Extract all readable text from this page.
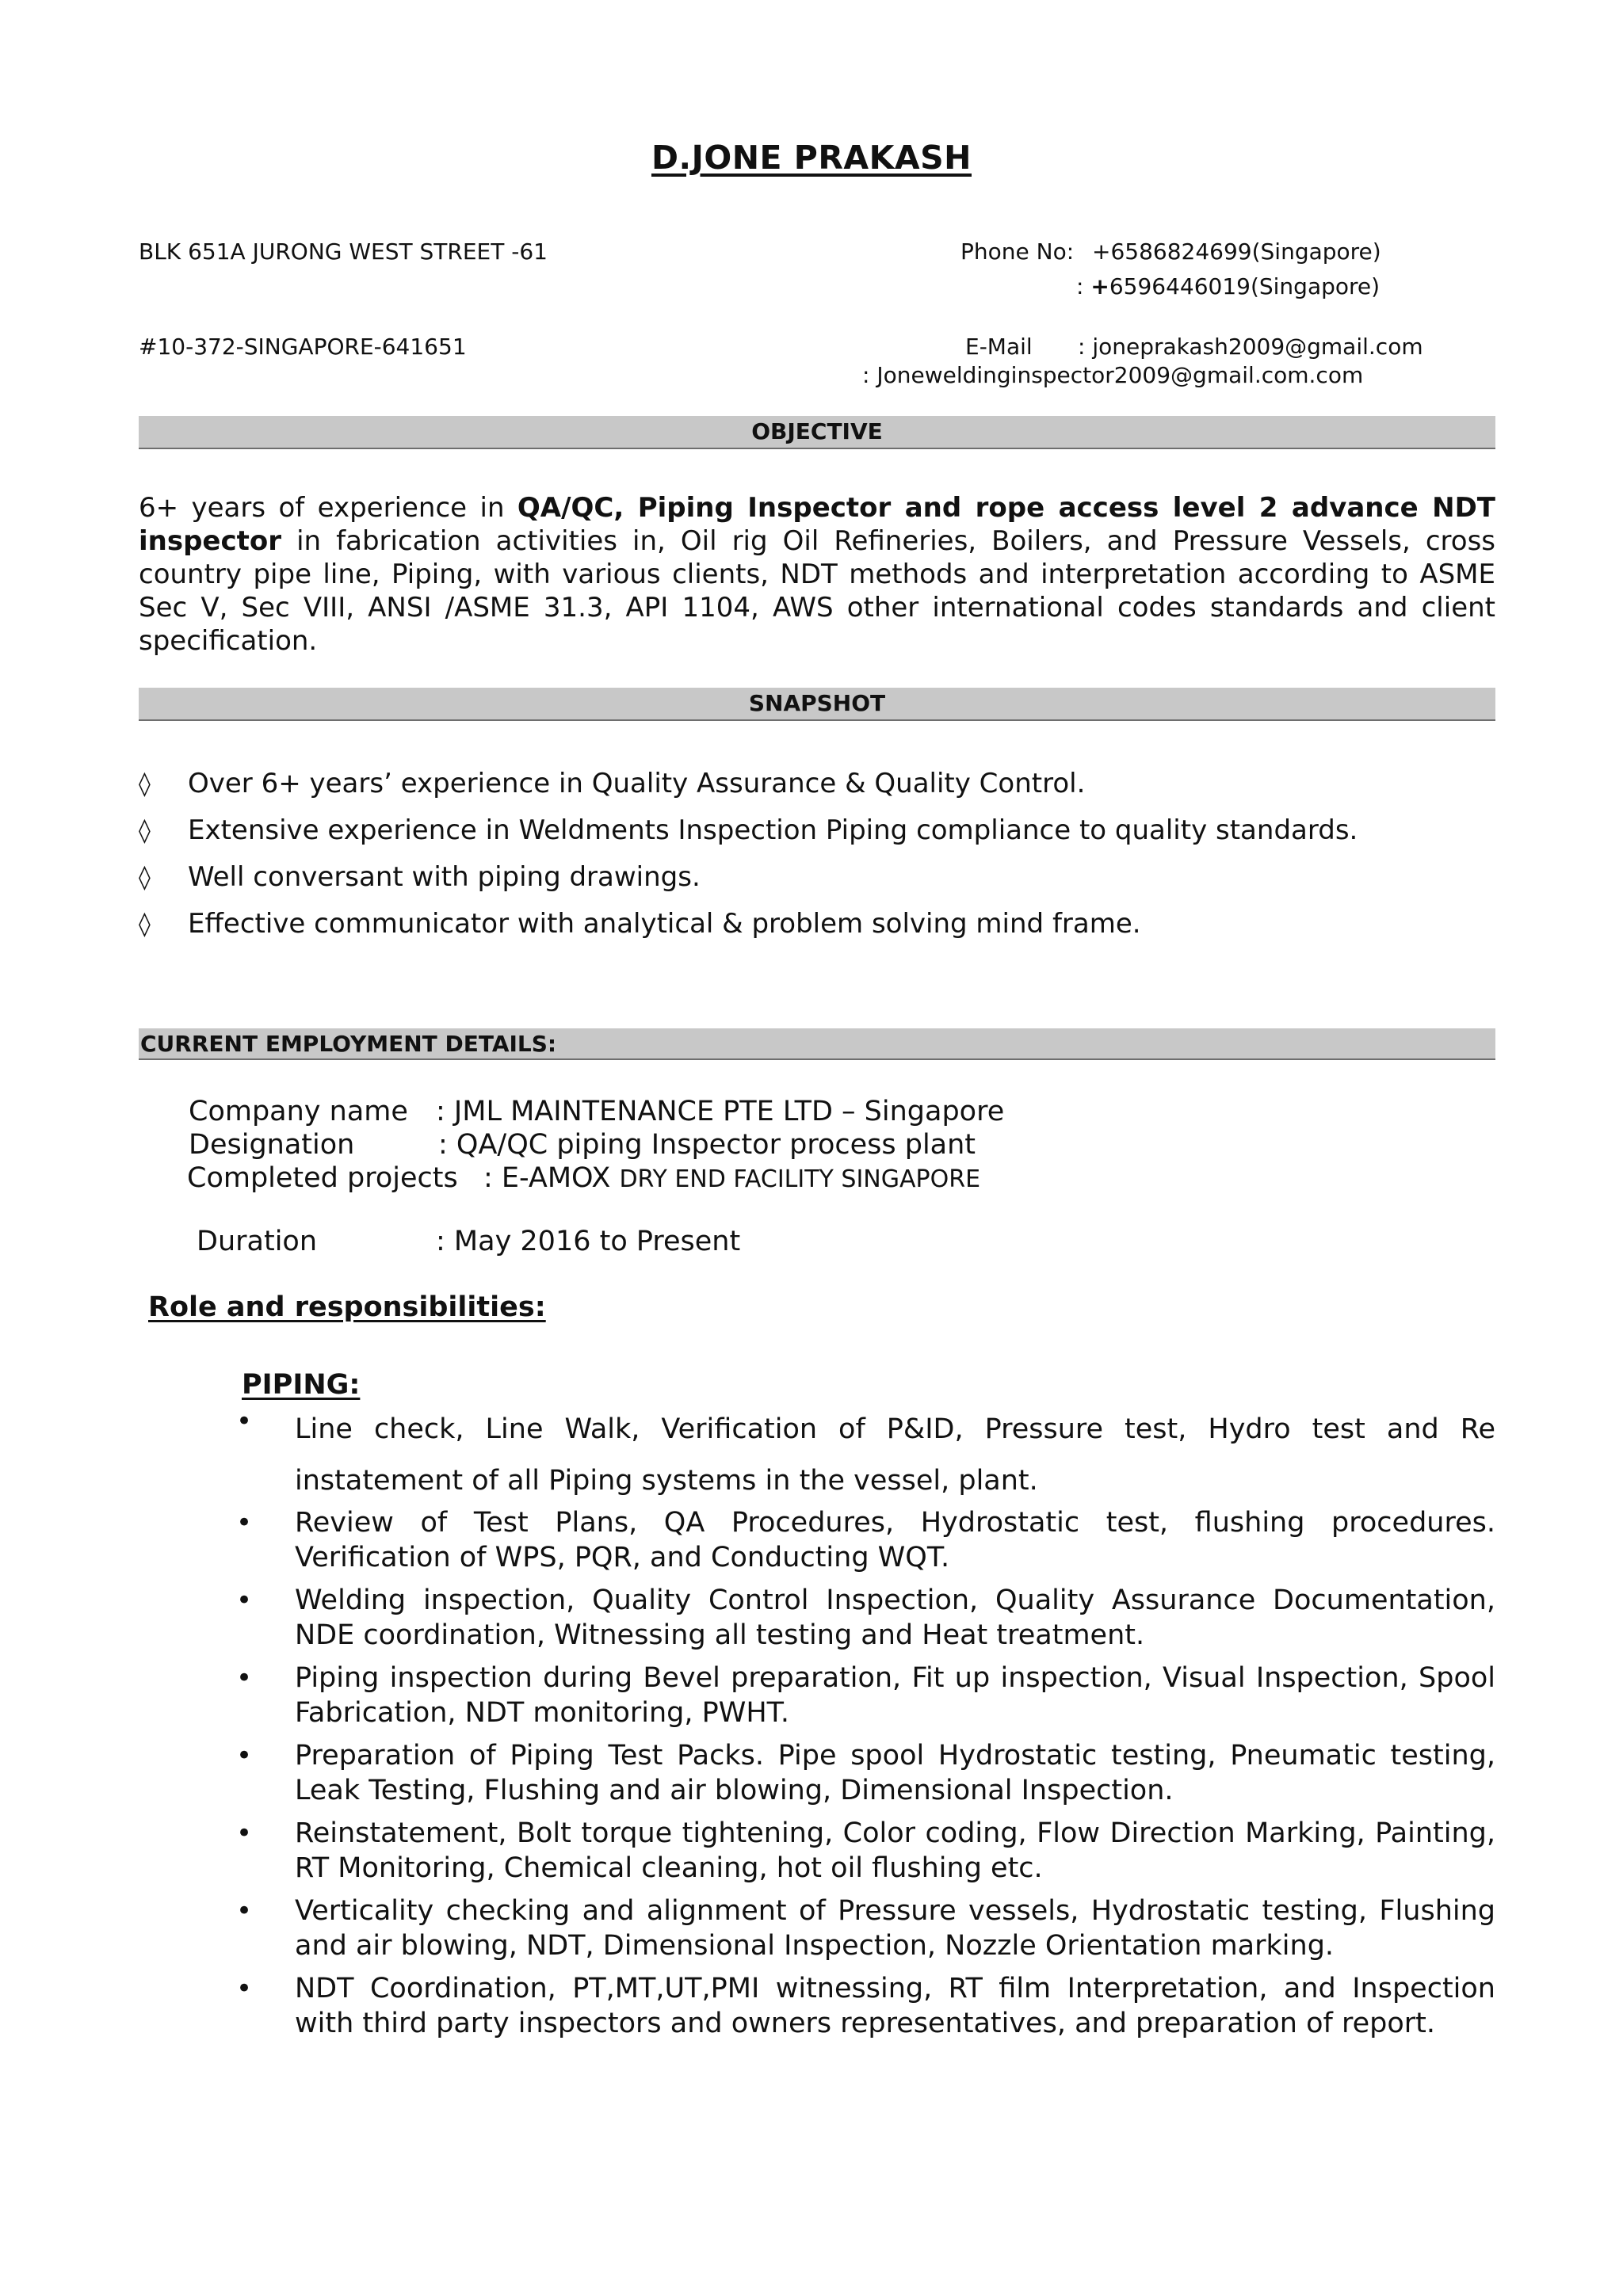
D.JONE PRAKASH
BLK 651A JURONG WEST STREET -61
#10-372-SINGAPORE-641651
Phone No: +6586824699(Singapore)
: +6596446019(Singapore)
E-Mail : joneprakash2009@gmail.com
: Joneweldinginspector2009@gmail.com.com
OBJECTIVE
6+ years of experience in QA/QC, Piping Inspector and rope access level 2 advance NDT inspector in fabrication activities in, Oil rig Oil Refineries, Boilers, and Pressure Vessels, cross country pipe line, Piping, with various clients, NDT methods and interpretation according to ASME Sec V, Sec VIII, ANSI /ASME 31.3, API 1104, AWS other international codes standards and client specification.
SNAPSHOT
◊ Over 6+ years’ experience in Quality Assurance & Quality Control.
◊ Extensive experience in Weldments Inspection Piping compliance to quality standards.
◊ Well conversant with piping drawings.
◊ Effective communicator with analytical & problem solving mind frame.
CURRENT EMPLOYMENT DETAILS:
Company name : JML MAINTENANCE PTE LTD – Singapore
Designation	: QA/QC piping Inspector process plant
Completed projects : E-AMOX DRY END FACILITY SINGAPORE
Duration	: May 2016 to Present
Role and responsibilities:
PIPING:
• Line check, Line Walk, Verification of P&ID, Pressure test, Hydro test and Re instatement of all Piping systems in the vessel, plant.
• Review of Test Plans, QA Procedures, Hydrostatic test, flushing procedures. Verification of WPS, PQR, and Conducting WQT.
• Welding inspection, Quality Control Inspection, Quality Assurance Documentation, NDE coordination, Witnessing all testing and Heat treatment.
• Piping inspection during Bevel preparation, Fit up inspection, Visual Inspection, Spool Fabrication, NDT monitoring, PWHT.
• Preparation of Piping Test Packs. Pipe spool Hydrostatic testing, Pneumatic testing, Leak Testing, Flushing and air blowing, Dimensional Inspection.
• Reinstatement, Bolt torque tightening, Color coding, Flow Direction Marking, Painting, RT Monitoring, Chemical cleaning, hot oil flushing etc.
• Verticality checking and alignment of Pressure vessels, Hydrostatic testing, Flushing and air blowing, NDT, Dimensional Inspection, Nozzle Orientation marking.
• NDT Coordination, PT,MT,UT,PMI witnessing, RT film Interpretation, and Inspection with third party inspectors and owners representatives, and preparation of report.
